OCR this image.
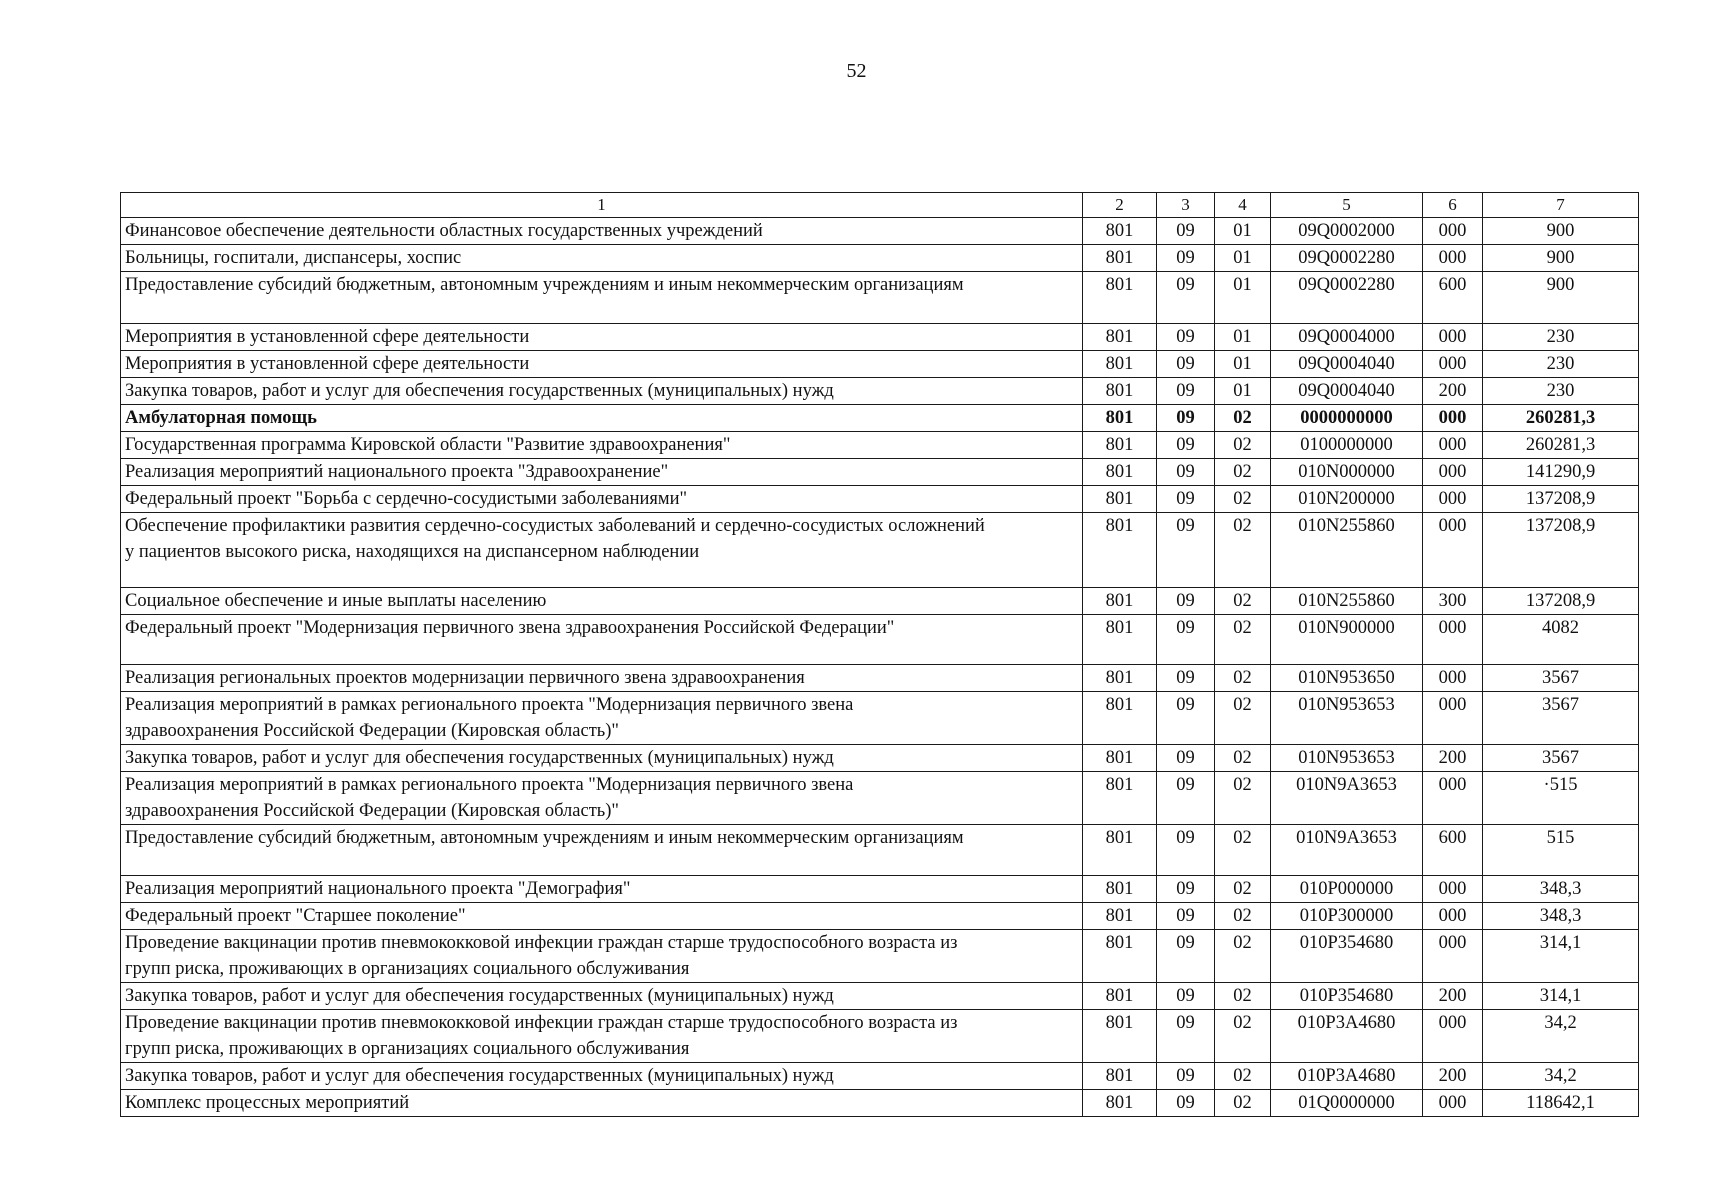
52
1	2	3	4	5	6	7

Финансовое обеспечение деятельности областных государственных учреждений	801	09	01	09Q0002000	000	900

Больницы, госпитали, диспансеры, хоспис	801	09	01	09Q0002280	000	900

Предоставление субсидий бюджетным, автономным учреждениям и иным некоммерческим организациям	801	09	01	09Q0002280	600	900

Мероприятия в установленной сфере деятельности	801	09	01	09Q0004000	000	230

Мероприятия в установленной сфере деятельности	801	09	01	09Q0004040	000	230

Закупка товаров, работ и услуг для обеспечения государственных (муниципальных) нужд	801	09	01	09Q0004040	200	230

Амбулаторная помощь	801	09	02	0000000000	000	260281,3

Государственная программа Кировской области "Развитие здравоохранения"	801	09	02	0100000000	000	260281,3

Реализация мероприятий национального проекта "Здравоохранение"	801	09	02	010N000000	000	141290,9

Федеральный проект "Борьба с сердечно-сосудистыми заболеваниями"	801	09	02	010N200000	000	137208,9

Обеспечение профилактики развития сердечно-сосудистых заболеваний и сердечно-сосудистых осложнений
у пациентов высокого риска, находящихся на диспансерном наблюдении	801	09	02	010N255860	000	137208,9

Социальное обеспечение и иные выплаты населению	801	09	02	010N255860	300	137208,9

Федеральный проект "Модернизация первичного звена здравоохранения Российской Федерации"	801	09	02	010N900000	000	4082

Реализация региональных проектов модернизации первичного звена здравоохранения	801	09	02	010N953650	000	3567

Реализация мероприятий в рамках регионального проекта "Модернизация первичного звена
здравоохранения Российской Федерации (Кировская область)"	801	09	02	010N953653	000	3567

Закупка товаров, работ и услуг для обеспечения государственных (муниципальных) нужд	801	09	02	010N953653	200	3567

Реализация мероприятий в рамках регионального проекта "Модернизация первичного звена
здравоохранения Российской Федерации (Кировская область)"	801	09	02	010N9A3653	000	·515

Предоставление субсидий бюджетным, автономным учреждениям и иным некоммерческим организациям	801	09	02	010N9A3653	600	515

Реализация мероприятий национального проекта "Демография"	801	09	02	010P000000	000	348,3

Федеральный проект "Старшее поколение"	801	09	02	010P300000	000	348,3

Проведение вакцинации против пневмококковой инфекции граждан старше трудоспособного возраста из
групп риска, проживающих в организациях социального обслуживания	801	09	02	010P354680	000	314,1

Закупка товаров, работ и услуг для обеспечения государственных (муниципальных) нужд	801	09	02	010P354680	200	314,1

Проведение вакцинации против пневмококковой инфекции граждан старше трудоспособного возраста из
групп риска, проживающих в организациях социального обслуживания	801	09	02	010P3A4680	000	34,2

Закупка товаров, работ и услуг для обеспечения государственных (муниципальных) нужд	801	09	02	010P3A4680	200	34,2

Комплекс процессных мероприятий	801	09	02	01Q0000000	000	118642,1
